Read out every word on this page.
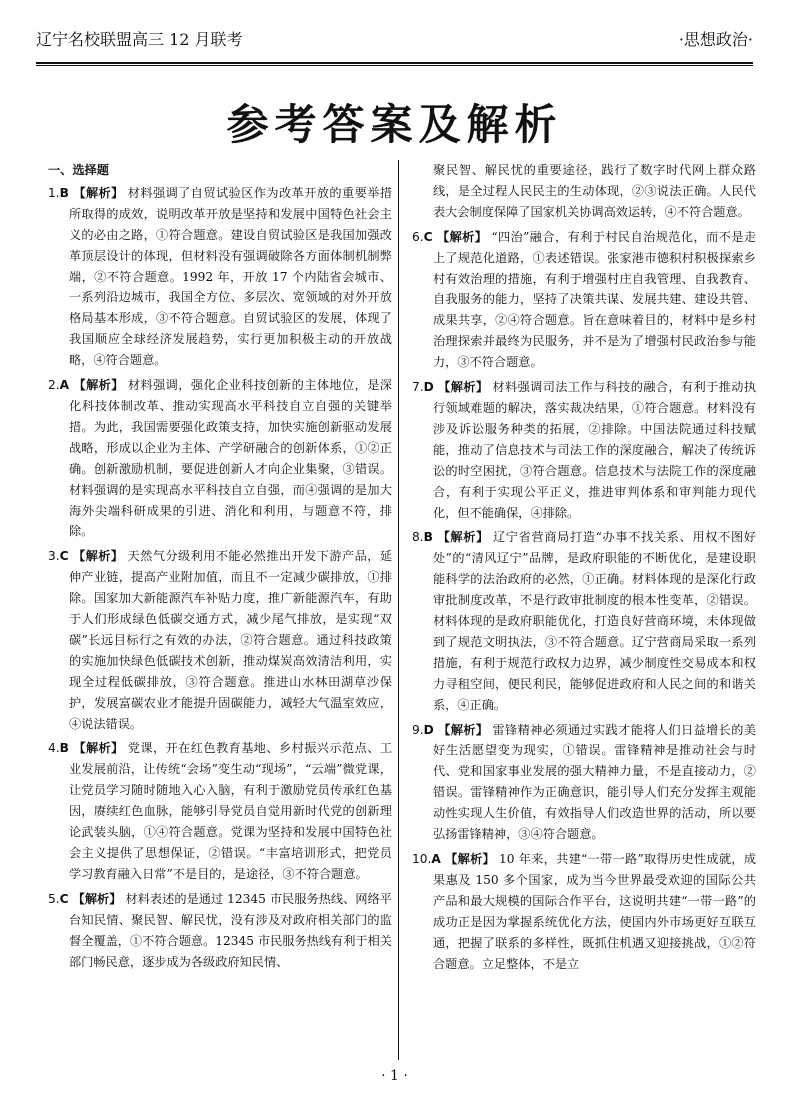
辽宁名校联盟高三 12 月联考	·思想政治·
参考答案及解析
一、选择题

1.B 【解析】 材料强调了自贸试验区作为改革开放的重要举措所取得的成效，说明改革开放是坚持和发展中国特色社会主义的必由之路，①符合题意。建设自贸试验区是我国加强改革顶层设计的体现，但材料没有强调破除各方面体制机制弊端，②不符合题意。1992 年，开放 17 个内陆省会城市、一系列沿边城市，我国全方位、多层次、宽领域的对外开放格局基本形成，③不符合题意。自贸试验区的发展，体现了我国顺应全球经济发展趋势，实行更加积极主动的开放战略，④符合题意。

2.A 【解析】 材料强调，强化企业科技创新的主体地位，是深化科技体制改革、推动实现高水平科技自立自强的关键举措。为此，我国需要强化政策支持，加快实施创新驱动发展战略，形成以企业为主体、产学研融合的创新体系，①②正确。创新激励机制，要促进创新人才向企业集聚，③错误。材料强调的是实现高水平科技自立自强，而④强调的是加大海外尖端科研成果的引进、消化和利用，与题意不符，排除。

3.C 【解析】 天然气分级利用不能必然推出开发下游产品，延伸产业链，提高产业附加值，而且不一定减少碳排放，①排除。国家加大新能源汽车补贴力度，推广新能源汽车，有助于人们形成绿色低碳交通方式，减少尾气排放，是实现“双碳”长远目标行之有效的办法，②符合题意。通过科技政策的实施加快绿色低碳技术创新，推动煤炭高效清洁利用，实现全过程低碳排放，③符合题意。推进山水林田湖草沙保护，发展富碳农业才能提升固碳能力，减轻大气温室效应，④说法错误。

4.B 【解析】 党课，开在红色教育基地、乡村振兴示范点、工业发展前沿，让传统“会场”变生动“现场”，“云端”微党课，让党员学习随时随地入心入脑，有利于激励党员传承红色基因，赓续红色血脉，能够引导党员自觉用新时代党的创新理论武装头脑，①④符合题意。党课为坚持和发展中国特色社会主义提供了思想保证，②错误。“丰富培训形式，把党员学习教育融入日常”不是目的，是途径，③不符合题意。

5.C 【解析】 材料表述的是通过 12345 市民服务热线、网络平台知民情、聚民智、解民忧，没有涉及对政府相关部门的监督全覆盖，①不符合题意。12345 市民服务热线有利于相关部门畅民意，逐步成为各级政府知民情、

聚民智、解民忧的重要途径，践行了数字时代网上群众路线，是全过程人民民主的生动体现，②③说法正确。人民代表大会制度保障了国家机关协调高效运转，④不符合题意。

6.C 【解析】 “四治”融合，有利于村民自治规范化，而不是走上了规范化道路，①表述错误。张家港市德积村积极探索乡村有效治理的措施，有利于增强村庄自我管理、自我教育、自我服务的能力，坚持了决策共谋、发展共建、建设共管、成果共享，②④符合题意。旨在意味着目的，材料中是乡村治理探索并最终为民服务，并不是为了增强村民政治参与能力，③不符合题意。

7.D 【解析】 材料强调司法工作与科技的融合，有利于推动执行领域难题的解决，落实裁决结果，①符合题意。材料没有涉及诉讼服务种类的拓展，②排除。中国法院通过科技赋能，推动了信息技术与司法工作的深度融合，解决了传统诉讼的时空困扰，③符合题意。信息技术与法院工作的深度融合，有利于实现公平正义，推进审判体系和审判能力现代化，但不能确保，④排除。

8.B 【解析】 辽宁省营商局打造“办事不找关系、用权不图好处”的“清风辽宁”品牌，是政府职能的不断优化，是建设职能科学的法治政府的必然，①正确。材料体现的是深化行政审批制度改革，不是行政审批制度的根本性变革，②错误。材料体现的是政府职能优化，打造良好营商环境，未体现做到了规范文明执法，③不符合题意。辽宁营商局采取一系列措施，有利于规范行政权力边界，减少制度性交易成本和权力寻租空间，便民利民，能够促进政府和人民之间的和谐关系，④正确。

9.D 【解析】 雷锋精神必须通过实践才能将人们日益增长的美好生活愿望变为现实，①错误。雷锋精神是推动社会与时代、党和国家事业发展的强大精神力量，不是直接动力，②错误。雷锋精神作为正确意识，能引导人们充分发挥主观能动性实现人生价值，有效指导人们改造世界的活动，所以要弘扬雷锋精神，③④符合题意。

10.A 【解析】 10 年来，共建“一带一路”取得历史性成就，成果惠及 150 多个国家，成为当今世界最受欢迎的国际公共产品和最大规模的国际合作平台，这说明共建“一带一路”的成功正是因为掌握系统优化方法，使国内外市场更好互联互通，把握了联系的多样性，既抓住机遇又迎接挑战，①②符合题意。立足整体，不是立

· 1 ·
